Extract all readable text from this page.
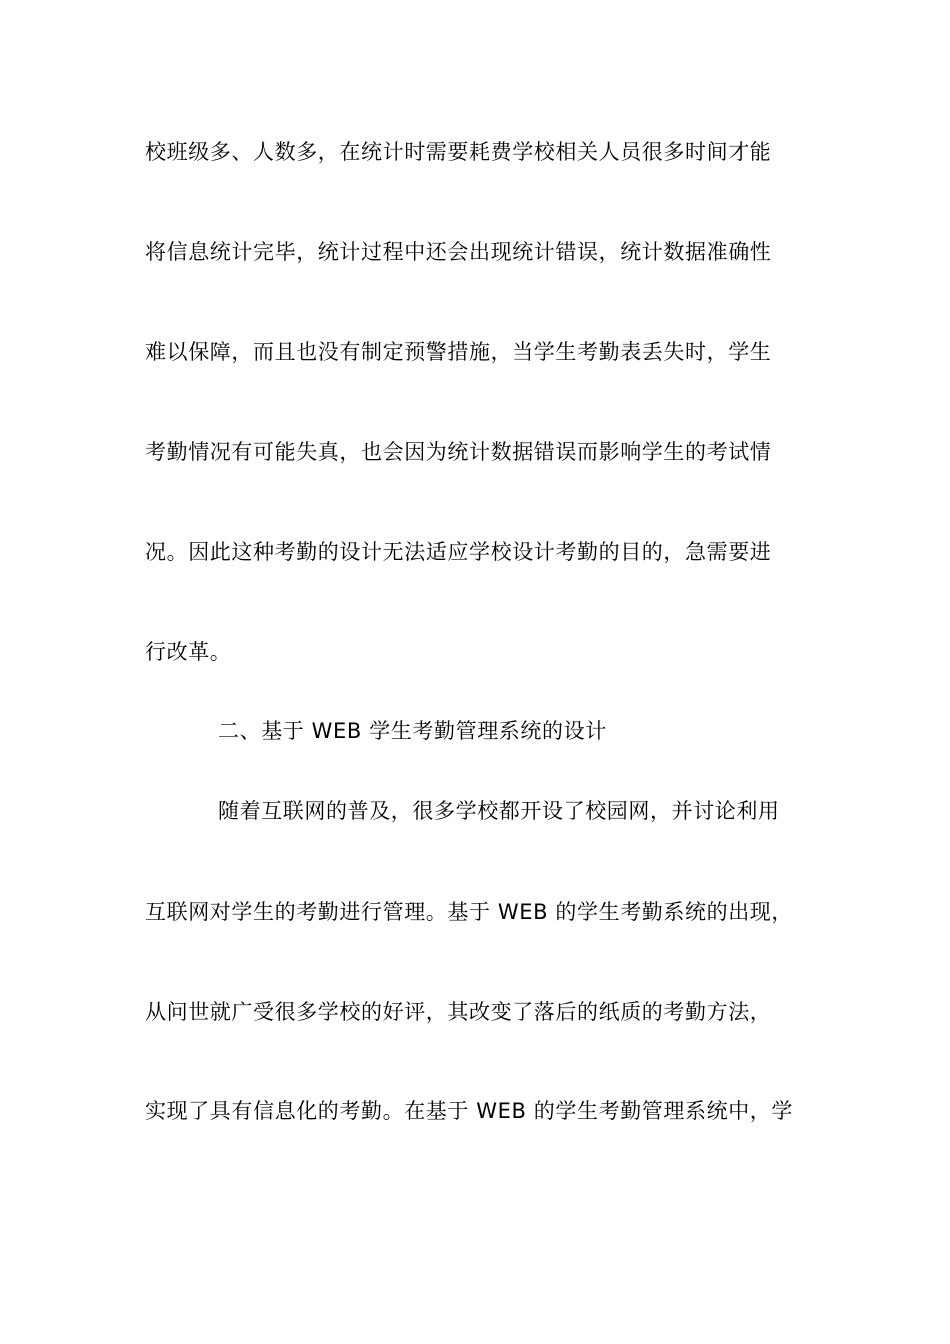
校班级多、人数多，在统计时需要耗费学校相关人员很多时间才能
将信息统计完毕，统计过程中还会出现统计错误，统计数据准确性
难以保障，而且也没有制定预警措施，当学生考勤表丢失时，学生
考勤情况有可能失真，也会因为统计数据错误而影响学生的考试情
况。因此这种考勤的设计无法适应学校设计考勤的目的，急需要进
行改革。
二、基于 WEB 学生考勤管理系统的设计
随着互联网的普及，很多学校都开设了校园网，并讨论利用
互联网对学生的考勤进行管理。基于 WEB 的学生考勤系统的出现，
从问世就广受很多学校的好评，其改变了落后的纸质的考勤方法，
实现了具有信息化的考勤。在基于 WEB 的学生考勤管理系统中，学
